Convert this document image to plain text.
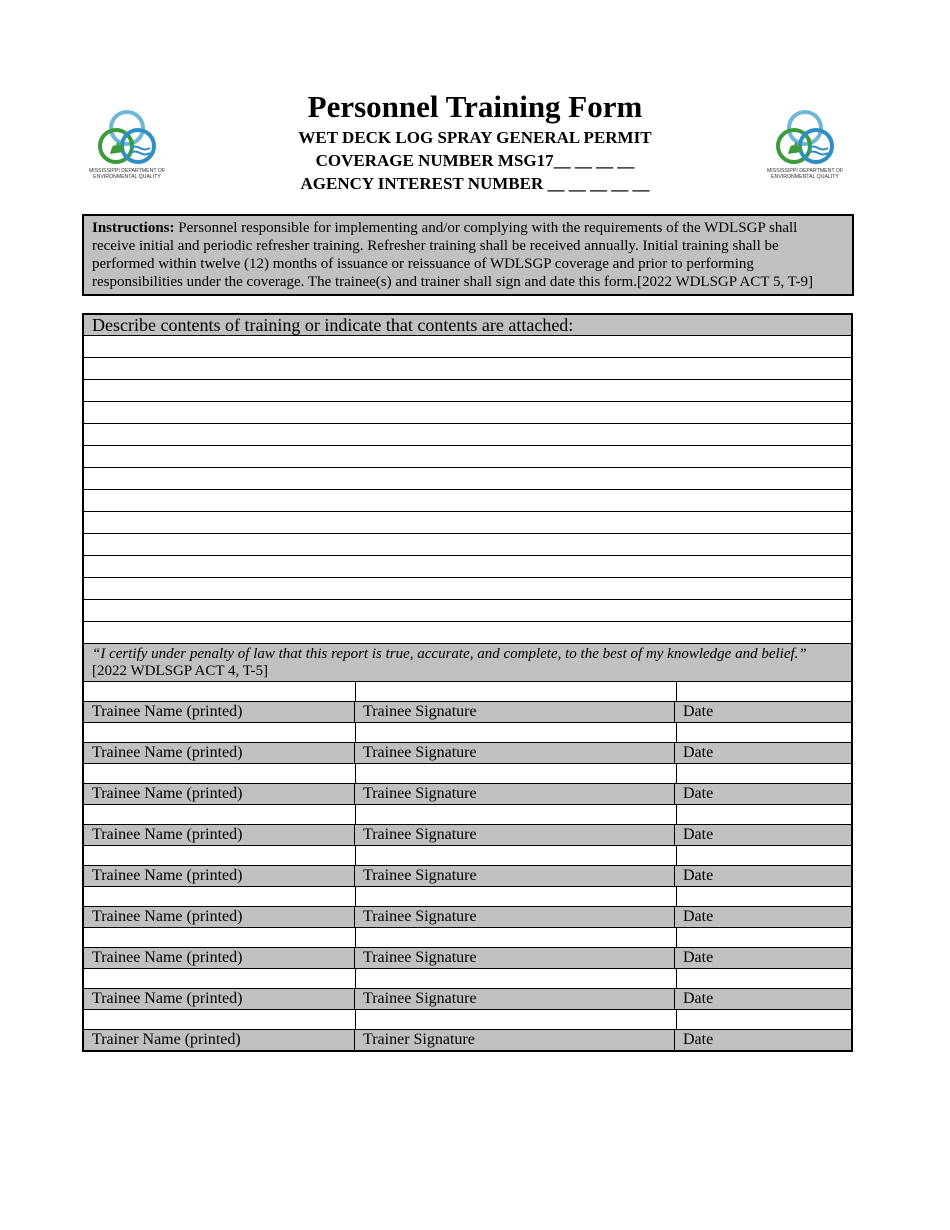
MISSISSIPPI DEPARTMENT OF
ENVIRONMENTAL QUALITY
MISSISSIPPI DEPARTMENT OF
ENVIRONMENTAL QUALITY
Personnel Training Form
WET DECK LOG SPRAY GENERAL PERMIT
COVERAGE NUMBER MSG17__ __ __ __
AGENCY INTEREST NUMBER __ __ __ __ __
Instructions: Personnel responsible for implementing and/or complying with the requirements of the WDLSGP shall receive initial and periodic refresher training. Refresher training shall be received annually. Initial training shall be performed within twelve (12) months of issuance or reissuance of WDLSGP coverage and prior to performing responsibilities under the coverage. The trainee(s) and trainer shall sign and date this form.[2022 WDLSGP ACT 5, T-9]
Describe contents of training or indicate that contents are attached:
“I certify under penalty of law that this report is true, accurate, and complete, to the best of my knowledge and belief.”
[2022 WDLSGP ACT 4, T-5]
Trainee Name (printed)	Trainee Signature	Date
Trainee Name (printed)	Trainee Signature	Date
Trainee Name (printed)	Trainee Signature	Date
Trainee Name (printed)	Trainee Signature	Date
Trainee Name (printed)	Trainee Signature	Date
Trainee Name (printed)	Trainee Signature	Date
Trainee Name (printed)	Trainee Signature	Date
Trainee Name (printed)	Trainee Signature	Date
Trainer Name (printed)	Trainer Signature	Date
